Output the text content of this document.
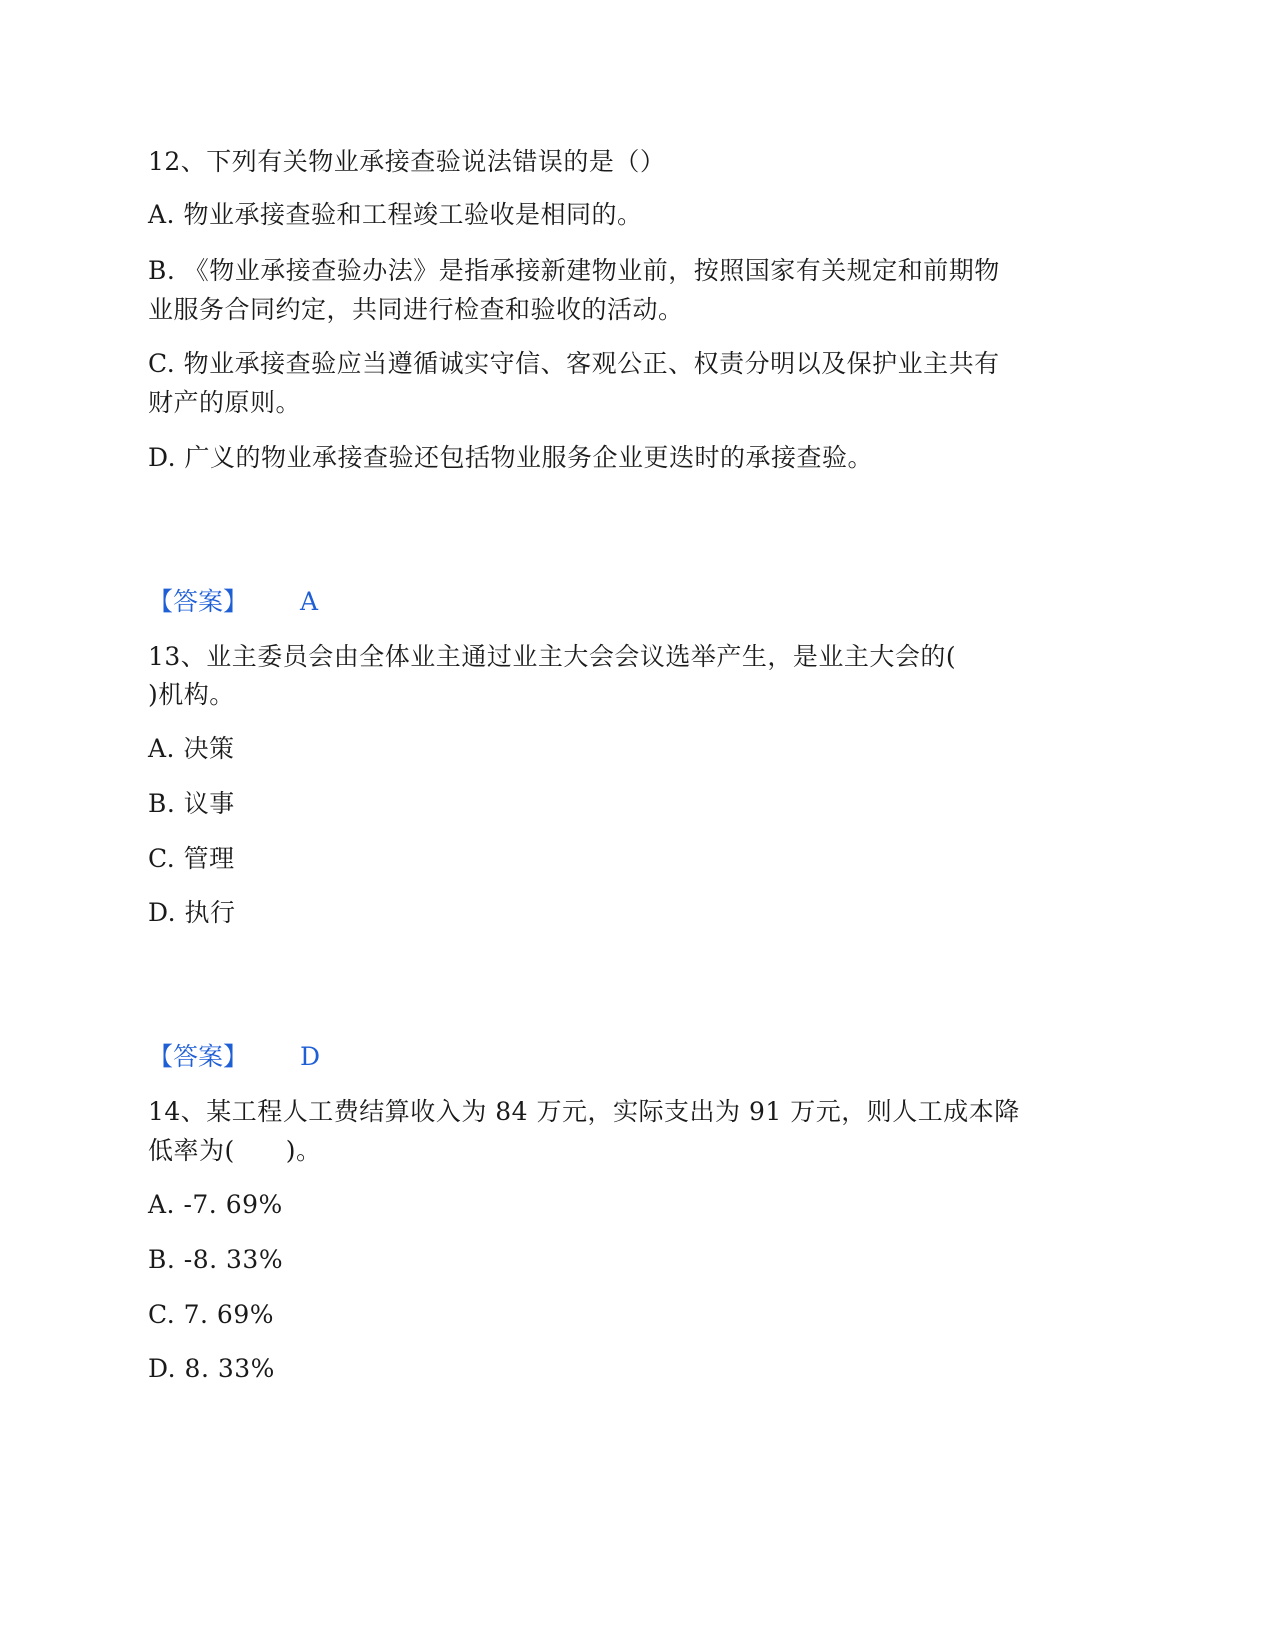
12、下列有关物业承接查验说法错误的是（）
A. 物业承接查验和工程竣工验收是相同的。
B. 《物业承接查验办法》是指承接新建物业前，按照国家有关规定和前期物
业服务合同约定，共同进行检查和验收的活动。
C. 物业承接查验应当遵循诚实守信、客观公正、权责分明以及保护业主共有
财产的原则。
D. 广义的物业承接查验还包括物业服务企业更迭时的承接查验。
【答案】 A
13、业主委员会由全体业主通过业主大会会议选举产生，是业主大会的(
)机构。
A. 决策
B. 议事
C. 管理
D. 执行
【答案】 D
14、某工程人工费结算收入为 84 万元，实际支出为 91 万元，则人工成本降
低率为(　　)。
A. -7. 69%
B. -8. 33%
C. 7. 69%
D. 8. 33%
